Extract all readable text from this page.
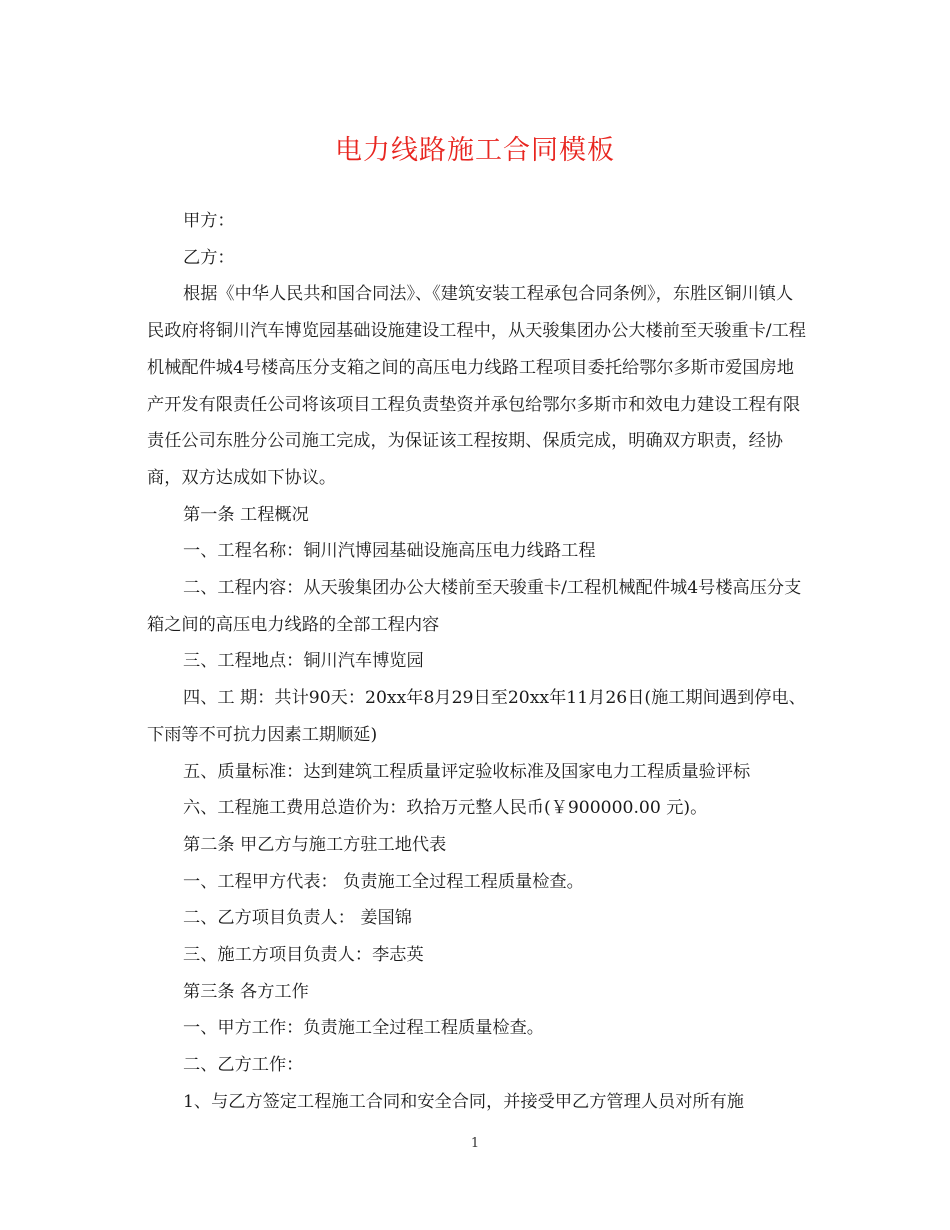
电力线路施工合同模板

甲方：

乙方：

根据《中华人民共和国合同法》、《建筑安装工程承包合同条例》，东胜区铜川镇人民政府将铜川汽车博览园基础设施建设工程中，从天骏集团办公大楼前至天骏重卡/工程机械配件城4号楼高压分支箱之间的高压电力线路工程项目委托给鄂尔多斯市爱国房地产开发有限责任公司将该项目工程负责垫资并承包给鄂尔多斯市和效电力建设工程有限责任公司东胜分公司施工完成，为保证该工程按期、保质完成，明确双方职责，经协商，双方达成如下协议。

第一条 工程概况

一、工程名称：铜川汽博园基础设施高压电力线路工程

二、工程内容：从天骏集团办公大楼前至天骏重卡/工程机械配件城4号楼高压分支箱之间的高压电力线路的全部工程内容

三、工程地点：铜川汽车博览园

四、工 期：共计90天：20xx年8月29日至20xx年11月26日(施工期间遇到停电、下雨等不可抗力因素工期顺延)

五、质量标准：达到建筑工程质量评定验收标准及国家电力工程质量验评标

六、工程施工费用总造价为：玖拾万元整人民币(￥900000.00 元)。

第二条 甲乙方与施工方驻工地代表

一、工程甲方代表： 负责施工全过程工程质量检查。

二、乙方项目负责人： 姜国锦

三、施工方项目负责人：李志英

第三条 各方工作

一、甲方工作：负责施工全过程工程质量检查。

二、乙方工作：

1、与乙方签定工程施工合同和安全合同，并接受甲乙方管理人员对所有施

1
